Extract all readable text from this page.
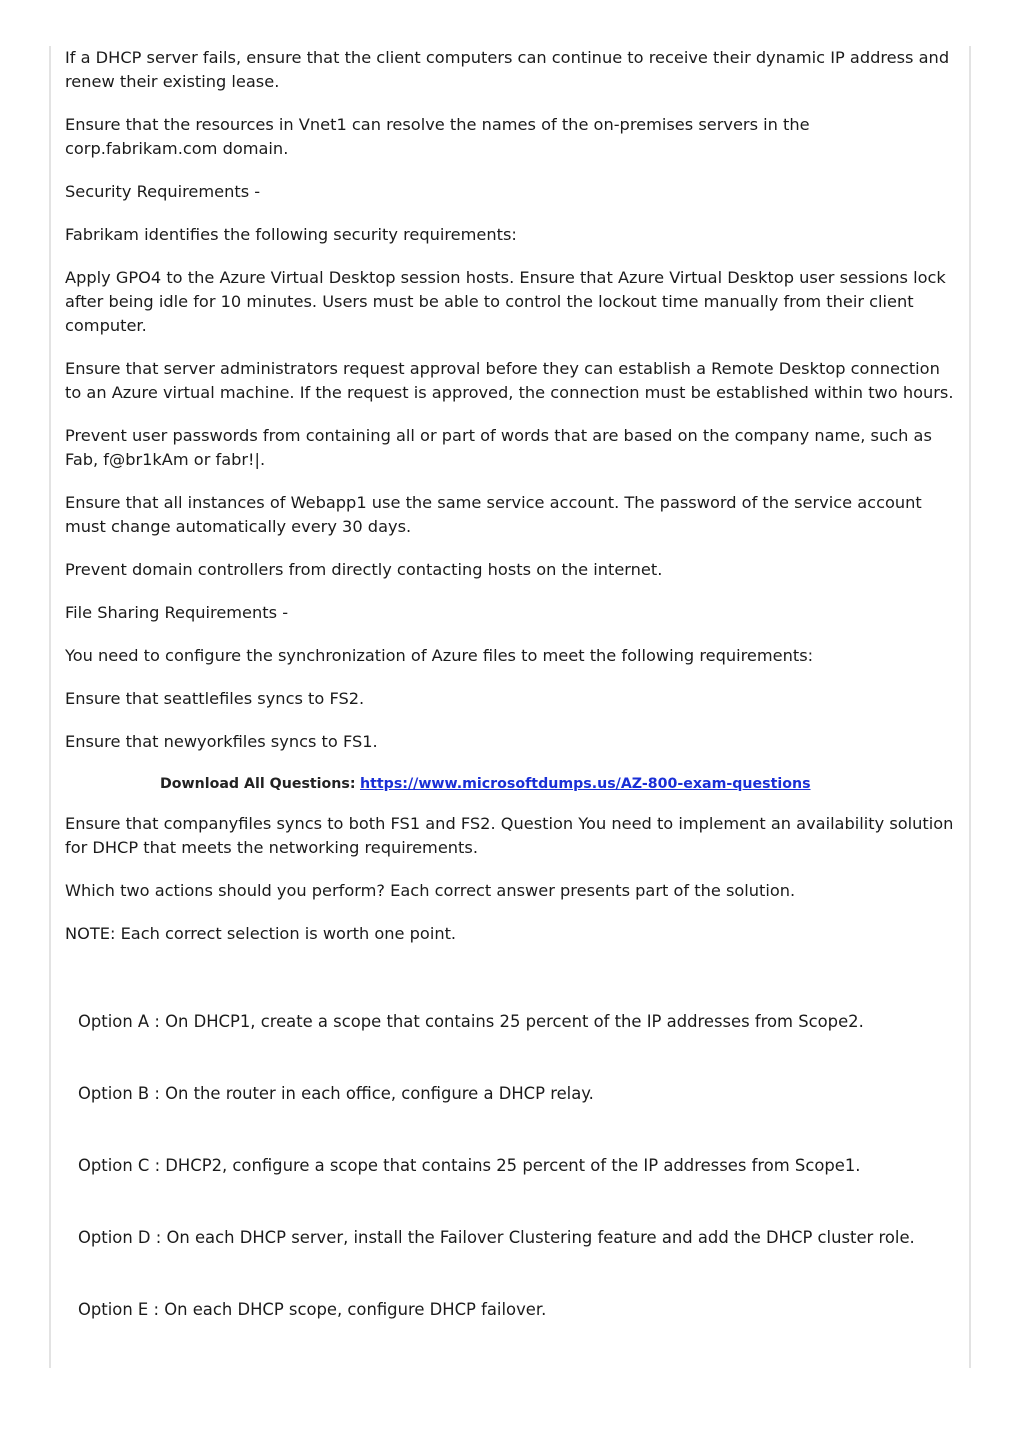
If a DHCP server fails, ensure that the client computers can continue to receive their dynamic IP address and renew their existing lease.

Ensure that the resources in Vnet1 can resolve the names of the on-premises servers in the corp.fabrikam.com domain.

Security Requirements -

Fabrikam identifies the following security requirements:

Apply GPO4 to the Azure Virtual Desktop session hosts. Ensure that Azure Virtual Desktop user sessions lock after being idle for 10 minutes. Users must be able to control the lockout time manually from their client computer.

Ensure that server administrators request approval before they can establish a Remote Desktop connection to an Azure virtual machine. If the request is approved, the connection must be established within two hours.

Prevent user passwords from containing all or part of words that are based on the company name, such as Fab, f@br1kAm or fabr!|.

Ensure that all instances of Webapp1 use the same service account. The password of the service account must change automatically every 30 days.

Prevent domain controllers from directly contacting hosts on the internet.

File Sharing Requirements -

You need to configure the synchronization of Azure files to meet the following requirements:

Ensure that seattlefiles syncs to FS2.

Ensure that newyorkfiles syncs to FS1.

Download All Questions: https://www.microsoftdumps.us/AZ-800-exam-questions

Ensure that companyfiles syncs to both FS1 and FS2. Question You need to implement an availability solution for DHCP that meets the networking requirements.

Which two actions should you perform? Each correct answer presents part of the solution.

NOTE: Each correct selection is worth one point.

Option A : On DHCP1, create a scope that contains 25 percent of the IP addresses from Scope2.

Option B : On the router in each office, configure a DHCP relay.

Option C : DHCP2, configure a scope that contains 25 percent of the IP addresses from Scope1.

Option D : On each DHCP server, install the Failover Clustering feature and add the DHCP cluster role.

Option E : On each DHCP scope, configure DHCP failover.
